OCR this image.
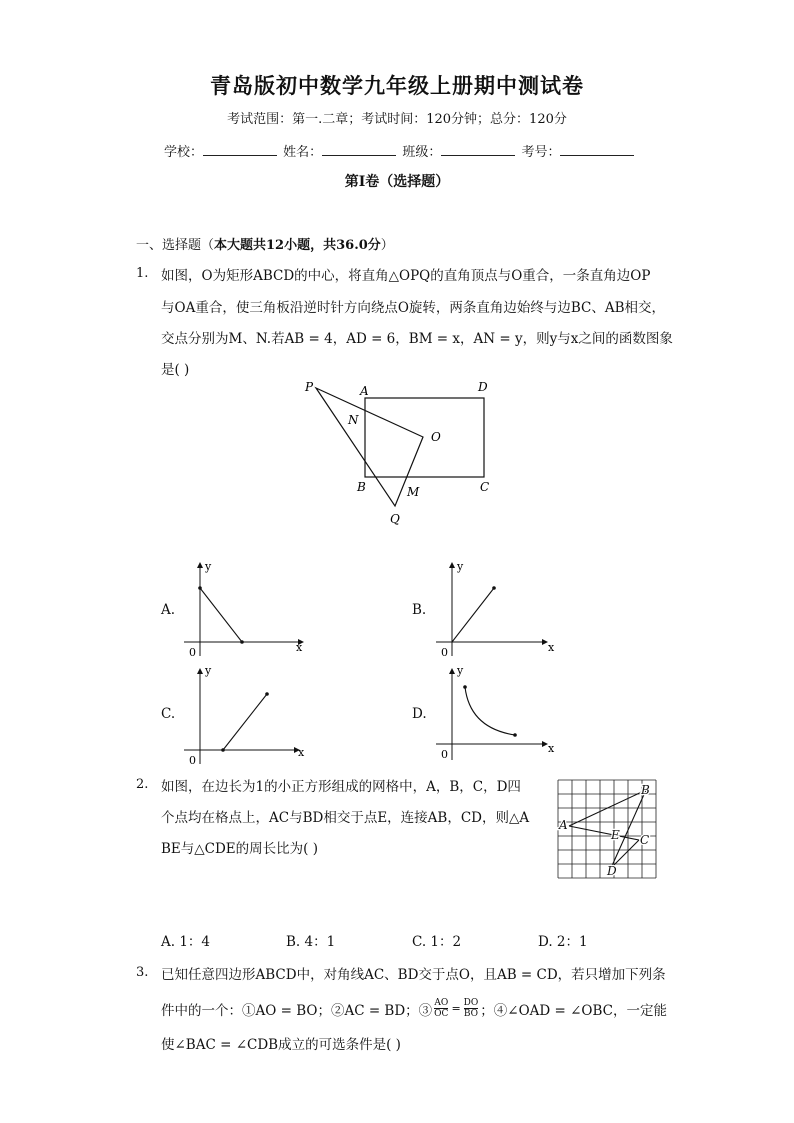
青岛版初中数学九年级上册期中测试卷
考试范围：第一.二章；考试时间：120分钟；总分：120分
学校：	姓名：	班级：	考号：
第Ⅰ卷（选择题）
一、选择题（本大题共12小题，共36.0分）
1. 如图，O为矩形ABCD的中心，将直角△OPQ的直角顶点与O重合，一条直角边OP
与OA重合，使三角板沿逆时针方向绕点O旋转，两条直角边始终与边BC、AB相交，
交点分别为M、N.若AB = 4，AD = 6，BM = x，AN = y，则y与x之间的函数图象
是( )
P	A	D
N
O
B	M	C
Q
A.
y
x
0
B.
y
x
0
C.
y
x
0
D.
y
x
0
2. 如图，在边长为1的小正方形组成的网格中，A，B，C，D四
个点均在格点上，AC与BD相交于点E，连接AB，CD，则△A
BE与△CDE的周长比为( )
A
B
C
D
E
A. 1：4	B. 4：1	C. 1：2	D. 2：1
3. 已知任意四边形ABCD中，对角线AC、BD交于点O，且AB = CD，若只增加下列条
件中的一个：①AO = BO；②AC = BD；③ $\frac{AO}{OC} = \frac{DO}{BO}$ ；④∠OAD = ∠OBC，一定能
使∠BAC = ∠CDB成立的可选条件是( )
